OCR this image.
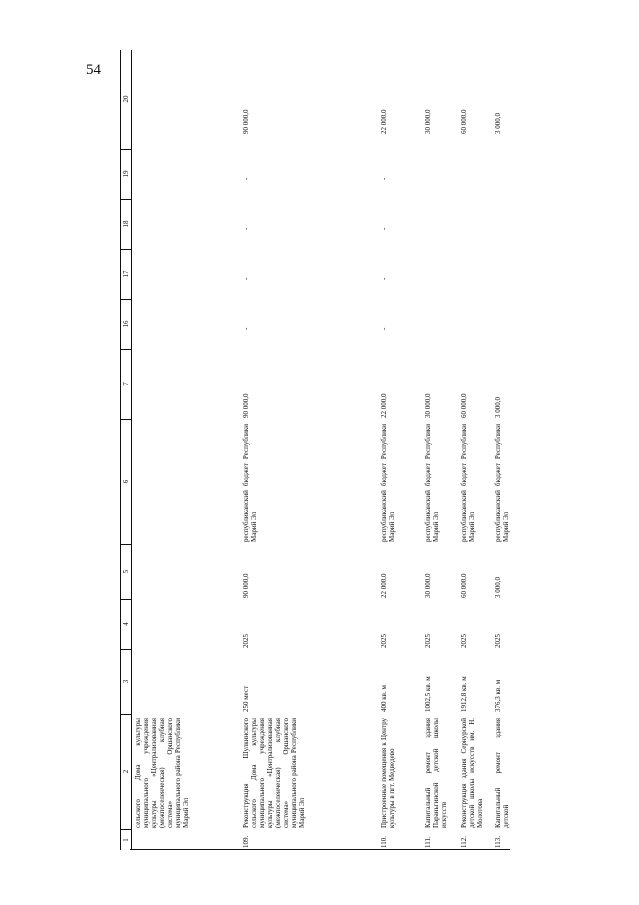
54
1
2
3
4
5
6
7
16
17
18
19
20
сельского Дома культуры муниципального учреждения культуры «Централизованная (межпоселенческая) клубная система» Оршанского муниципального района Республики Марий Эл
109.
Реконструкция Шулкинского сельского Дома культуры муниципального учреждения культуры «Централизованная (межпоселенческая) клубная система» Оршанского муниципального района Республики Марий Эл
250 мест
2025
90 000,0
республиканский бюджет Республики Марий Эл
90 000,0
-
-
-
-
90 000,0
110.
Пристроенные помещения к Центру культуры в пгт. Медведево
400 кв. м
2025
22 000,0
республиканский бюджет Республики Марий Эл
22 000,0
-
-
-
-
22 000,0
111.
Капитальный ремонт здания Параньгинской детской школы искусств
1002,5 кв. м
2025
30 000,0
республиканский бюджет Республики Марий Эл
30 000,0
30 000,0
112.
Реконструкция здания Сернурской детской школы искусств им. Н. Молотова
1912,8 кв. м
2025
60 000,0
республиканский бюджет Республики Марий Эл
60 000,0
60 000,0
113.
Капитальный ремонт здания детской
376,3 кв. м
2025
3 000,0
республиканский бюджет Республики Марий Эл
3 000,0
3 000,0
